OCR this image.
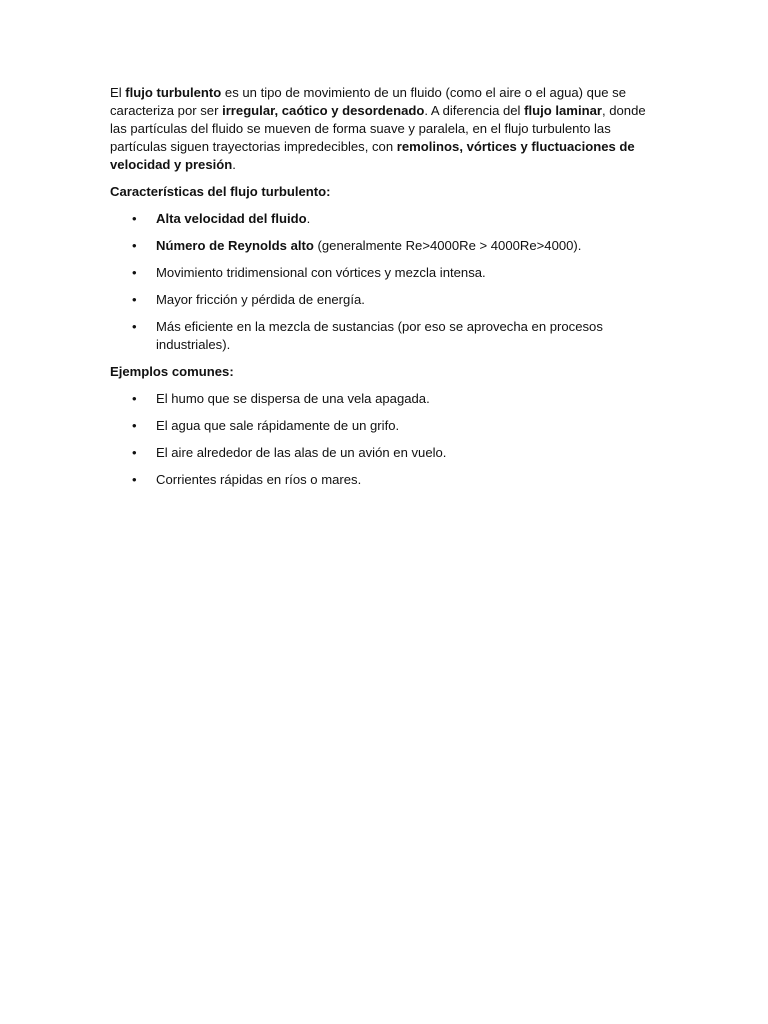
El flujo turbulento es un tipo de movimiento de un fluido (como el aire o el agua) que se caracteriza por ser irregular, caótico y desordenado. A diferencia del flujo laminar, donde las partículas del fluido se mueven de forma suave y paralela, en el flujo turbulento las partículas siguen trayectorias impredecibles, con remolinos, vórtices y fluctuaciones de velocidad y presión.

Características del flujo turbulento:

• Alta velocidad del fluido.
• Número de Reynolds alto (generalmente Re>4000Re > 4000Re>4000).
• Movimiento tridimensional con vórtices y mezcla intensa.
• Mayor fricción y pérdida de energía.
• Más eficiente en la mezcla de sustancias (por eso se aprovecha en procesos industriales).

Ejemplos comunes:

• El humo que se dispersa de una vela apagada.
• El agua que sale rápidamente de un grifo.
• El aire alrededor de las alas de un avión en vuelo.
• Corrientes rápidas en ríos o mares.
